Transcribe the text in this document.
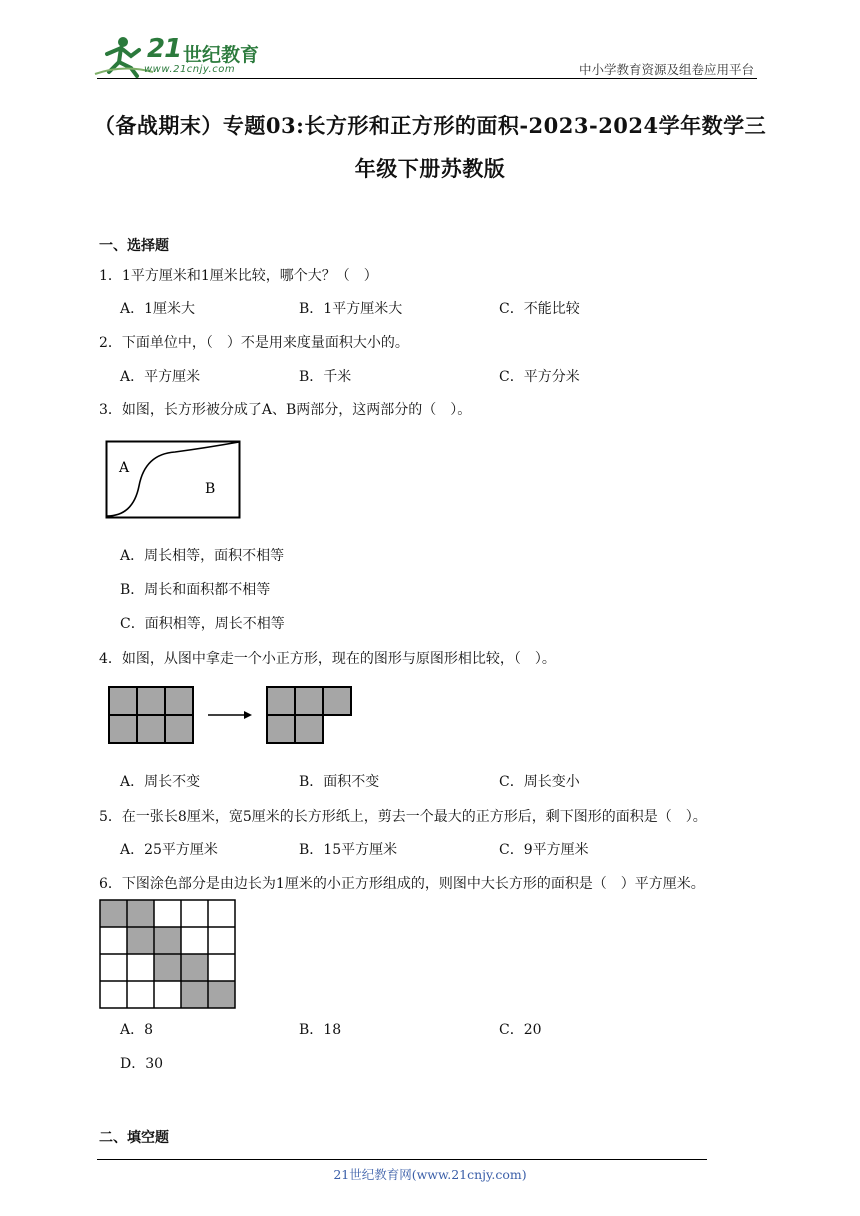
21 世纪教育
www.21cnjy.com	中小学教育资源及组卷应用平台
（备战期末）专题03:长方形和正方形的面积-2023-2024学年数学三
年级下册苏教版
一、选择题
1．1平方厘米和1厘米比较，哪个大？（　）
A．1厘米大	B．1平方厘米大	C．不能比较
2．下面单位中，（　）不是用来度量面积大小的。
A．平方厘米	B．千米	C．平方分米
3．如图，长方形被分成了A、B两部分，这两部分的（　）。
A
B
A．周长相等，面积不相等
B．周长和面积都不相等
C．面积相等，周长不相等
4．如图，从图中拿走一个小正方形，现在的图形与原图形相比较，（　）。
A．周长不变	B．面积不变	C．周长变小
5．在一张长8厘米，宽5厘米的长方形纸上，剪去一个最大的正方形后，剩下图形的面积是（　）。
A．25平方厘米	B．15平方厘米	C．9平方厘米
6．下图涂色部分是由边长为1厘米的小正方形组成的，则图中大长方形的面积是（　）平方厘米。
A．8	B．18	C．20
D．30
二、填空题
21世纪教育网(www.21cnjy.com)
